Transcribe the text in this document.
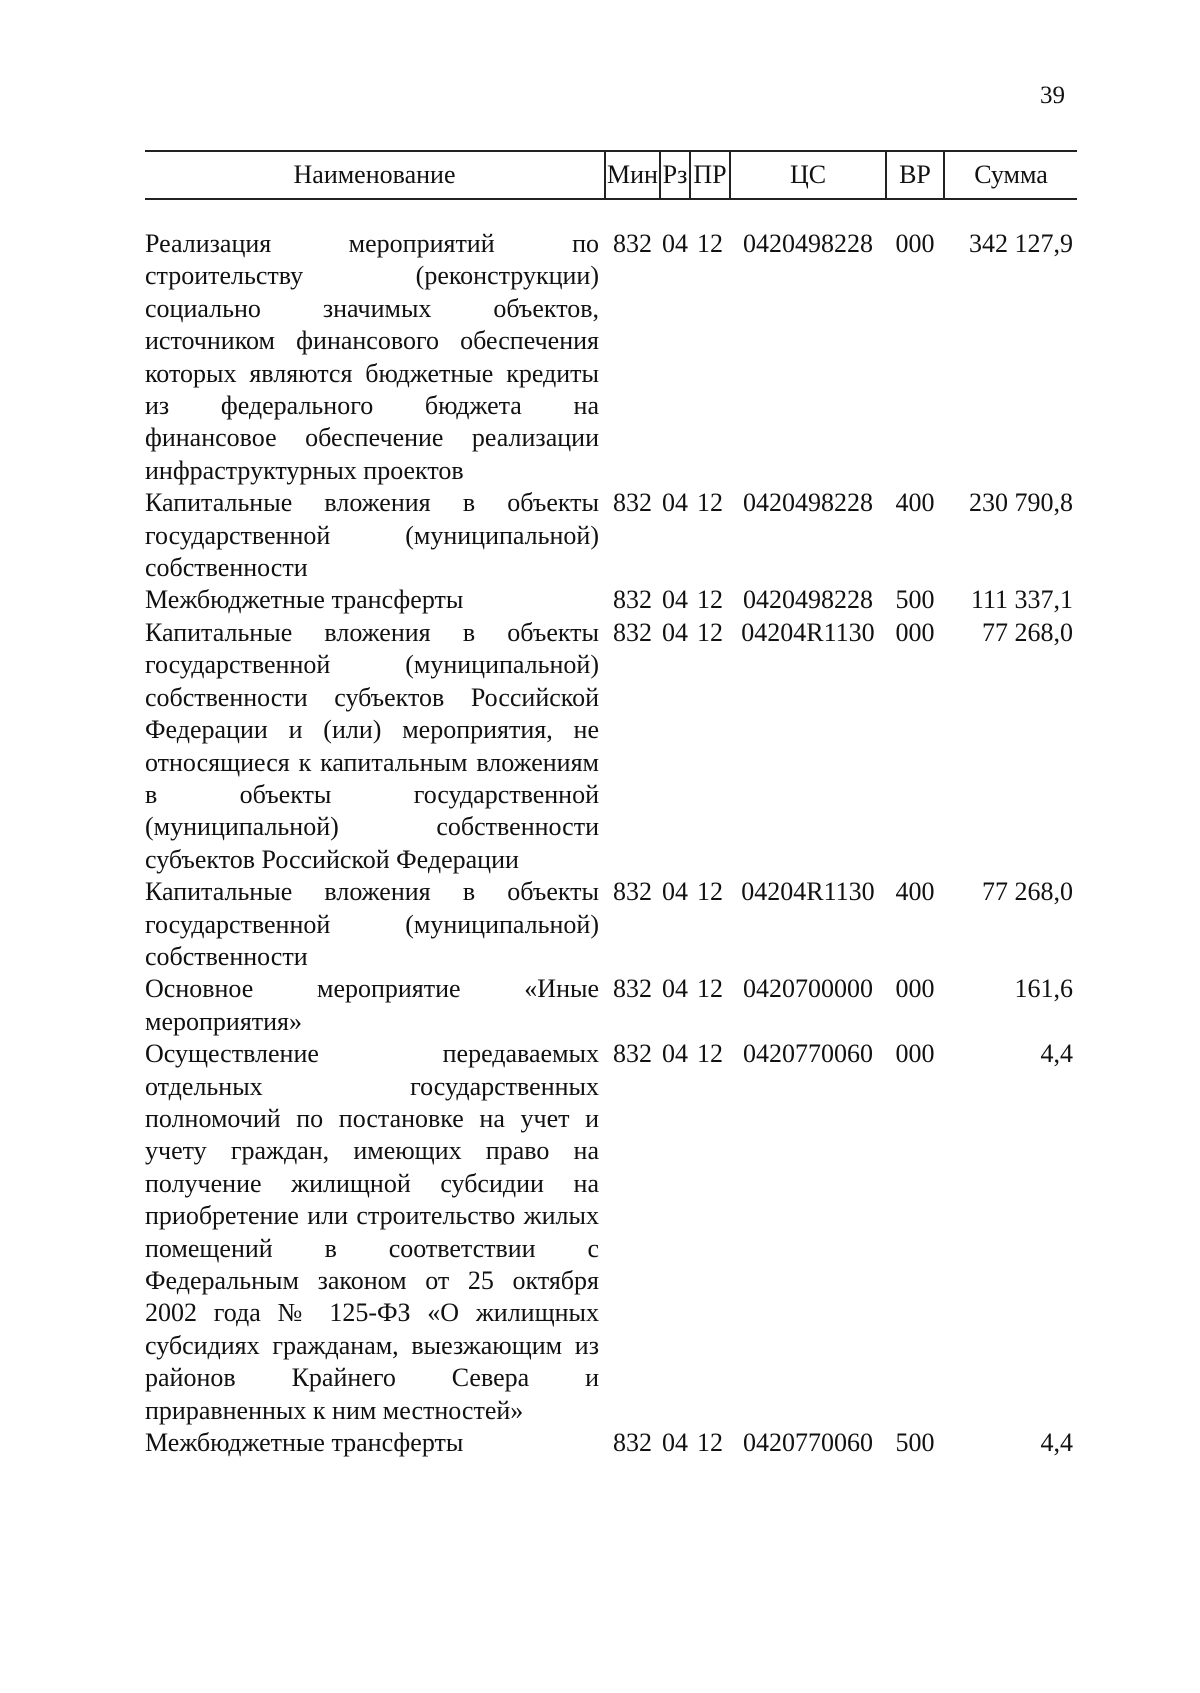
39
Наименование	Мин	Рз	ПР	ЦС	ВР	Сумма

Реализация мероприятий по строительству (реконструкции) социально значимых объектов, источником финансового обеспечения которых являются бюджетные кредиты из федерального бюджета на финансовое обеспечение реализации инфраструктурных проектов	832	04	12	0420498228	000	342 127,9
Капитальные вложения в объекты государственной (муниципальной) собственности	832	04	12	0420498228	400	230 790,8
Межбюджетные трансферты	832	04	12	0420498228	500	111 337,1
Капитальные вложения в объекты государственной (муниципальной) собственности субъектов Российской Федерации и (или) мероприятия, не относящиеся к капитальным вложениям в объекты государственной (муниципальной) собственности субъектов Российской Федерации	832	04	12	04204R1130	000	77 268,0
Капитальные вложения в объекты государственной (муниципальной) собственности	832	04	12	04204R1130	400	77 268,0
Основное мероприятие «Иные мероприятия»	832	04	12	0420700000	000	161,6
Осуществление передаваемых отдельных государственных полномочий по постановке на учет и учету граждан, имеющих право на получение жилищной субсидии на приобретение или строительство жилых помещений в соответствии с Федеральным законом от 25 октября 2002 года № 125-ФЗ «О жилищных субсидиях гражданам, выезжающим из районов Крайнего Севера и приравненных к ним местностей»	832	04	12	0420770060	000	4,4
Межбюджетные трансферты	832	04	12	0420770060	500	4,4
